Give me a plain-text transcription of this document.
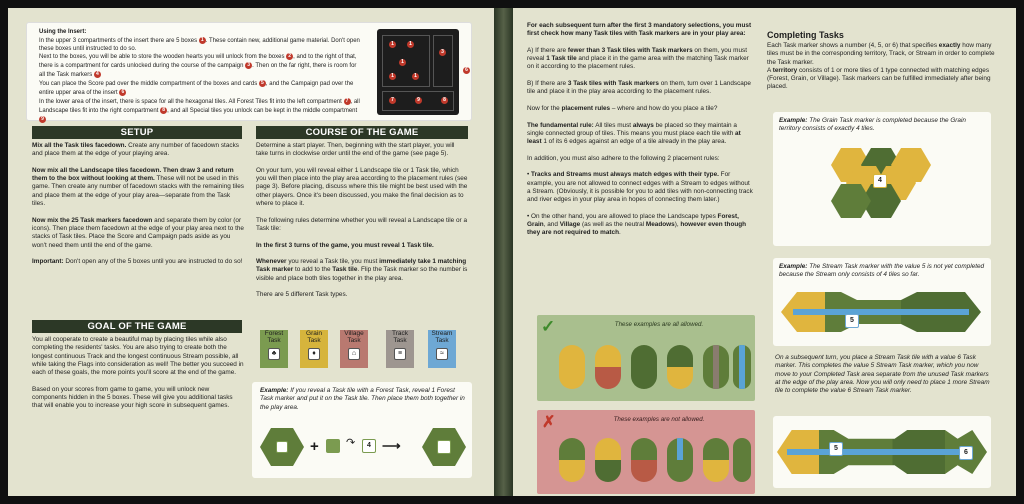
Using the Insert:
In the upper 3 compartments of the insert there are 5 boxes 1 . These contain new, additional game material. Don't open these boxes until instructed to do so.
Next to the boxes, you will be able to store the wooden hearts you will unlock from the boxes 2 , and to the right of that, there is a compartment for cards unlocked during the course of the campaign 3 . Then on the far right, there is room for all the Task markers 4
You can place the Score pad over the middle compartment of the boxes and cards 5 , and the Campaign pad over the entire upper area of the insert 6
In the lower area of the insert, there is space for all the hexagonal tiles. All Forest Tiles fit into the left compartment 7 , all Landscape tiles fit into the right compartment 8 , and all Special tiles you unlock can be kept in the middle compartment 9
1	1
1
1	1
3
7	9	8
6
SETUP
Mix all the Task tiles facedown. Create any number of facedown stacks and place them at the edge of your playing area.

Now mix all the Landscape tiles facedown. Then draw 3 and return them to the box without looking at them. These will not be used in this game. Then create any number of facedown stacks with the remaining tiles and place them at the edge of your play area—separate from the Task tiles.

Now mix the 25 Task markers facedown and separate them by color (or icons). Then place them facedown at the edge of your play area next to the stacks of Task tiles. Place the Score and Campaign pads aside as you won't need them until the end of the game.

Important: Don't open any of the 5 boxes until you are instructed to do so!
GOAL OF THE GAME
You all cooperate to create a beautiful map by placing tiles while also completing the residents' tasks. You are also trying to create both the longest continuous Track and the longest continuous Stream possible, all while taking the Flags into consideration as well! The better you succeed in each of these goals, the more points you'll score at the end of the game.

Based on your scores from game to game, you will unlock new components hidden in the 5 boxes. These will give you additional tasks that will enable you to increase your high score in subsequent games.
COURSE OF THE GAME
Determine a start player. Then, beginning with the start player, you will take turns in clockwise order until the end of the game (see page 5).

On your turn, you will reveal either 1 Landscape tile or 1 Task tile, which you will then place into the play area according to the placement rules (see page 3). Before placing, discuss where this tile might be best used with the other players. Once it's been discussed, you make the final decision as to where to place it.

The following rules determine whether you will reveal a Landscape tile or a Task tile:

In the first 3 turns of the game, you must reveal 1 Task tile.

Whenever you reveal a Task tile, you must immediately take 1 matching Task marker to add to the Task tile. Flip the Task marker so the number is visible and place both tiles together in the play area.

There are 5 different Task types.
Forest Task
♣
Grain Task
♦
Village Task
⌂
Track Task
≡
Stream Task
≈
Example: If you reveal a Task tile with a Forest Task, reveal 1 Forest Task marker and put it on the Task tile. Then place them both together in the play area.
+ ↷	4 ⟶
For each subsequent turn after the first 3 mandatory selections, you must first check how many Task tiles with Task markers are in your play area:

A) If there are fewer than 3 Task tiles with Task markers on them, you must reveal 1 Task tile and place it in the game area with the matching Task marker on it according to the placement rules.

B) If there are 3 Task tiles with Task markers on them, turn over 1 Landscape tile and place it in the play area according to the placement rules.

Now for the placement rules – where and how do you place a tile?

The fundamental rule: All tiles must always be placed so they maintain a single connected group of tiles. This means you must place each tile with at least 1 of its 6 edges against an edge of a tile already in the play area.

In addition, you must also adhere to the following 2 placement rules:

• Tracks and Streams must always match edges with their type. For example, you are not allowed to connect edges with a Stream to edges without a Stream. (Obviously, it is possible for you to add tiles with non-connecting track and river edges in your play area in hopes of connecting them later.)

• On the other hand, you are allowed to place the Landscape types Forest, Grain, and Village (as well as the neutral Meadows), however even though they are not required to match.
✓	These examples are all allowed.
✗	These examples are not allowed.
Completing Tasks
Each Task marker shows a number (4, 5, or 6) that specifies exactly how many tiles must be in the corresponding territory, Track, or Stream in order to complete the Task marker.
A territory consists of 1 or more tiles of 1 type connected with matching edges (Forest, Grain, or Village). Task markers can be fulfilled immediately after being placed.
Example: The Grain Task marker is completed because the Grain territory consists of exactly 4 tiles.
4
Example: The Stream Task marker with the value 5 is not yet completed because the Stream only consists of 4 tiles so far.
5
On a subsequent turn, you place a Stream Task tile with a value 6 Task marker. This completes the value 5 Stream Task marker, which you now move to your Completed Task area separate from the unused Task markers at the edge of the play area. Now you will only need to place 1 more Stream tile to complete the value 6 Stream Task marker.
5
6
